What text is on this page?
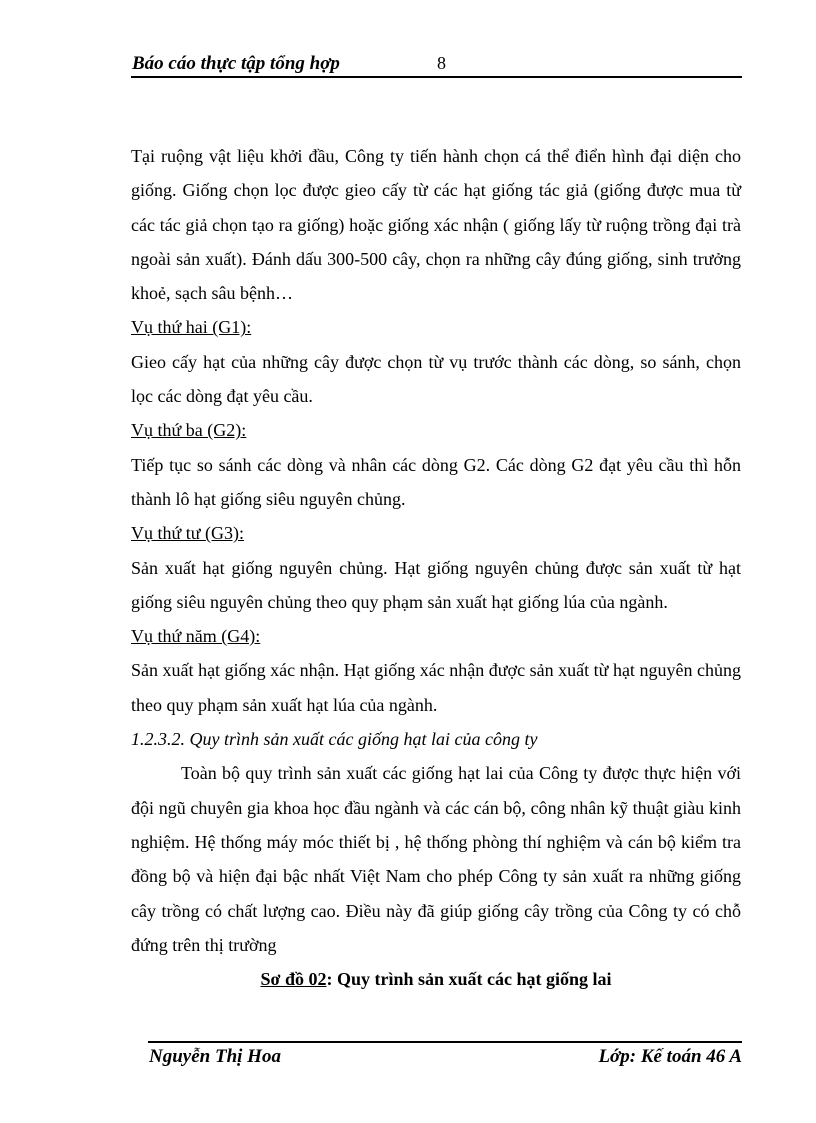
Báo cáo thực tập tổng hợp	8

Tại ruộng vật liệu khởi đầu, Công ty tiến hành chọn cá thể điển hình đại diện cho giống. Giống chọn lọc được gieo cấy từ các hạt giống tác giả (giống được mua từ các tác giả chọn tạo ra giống) hoặc giống xác nhận ( giống lấy từ ruộng trồng đại trà ngoài sản xuất). Đánh dấu 300-500 cây, chọn ra những cây đúng giống, sinh trưởng khoẻ, sạch sâu bệnh…

Vụ thứ hai (G1):

Gieo cấy hạt của những cây được chọn từ vụ trước thành các dòng, so sánh, chọn lọc các dòng đạt yêu cầu.

Vụ thứ ba (G2):

Tiếp tục so sánh các dòng và nhân các dòng G2. Các dòng G2 đạt yêu cầu thì hỗn thành lô hạt giống siêu nguyên chủng.

Vụ thứ tư (G3):

Sản xuất hạt giống nguyên chủng. Hạt giống nguyên chủng được sản xuất từ hạt giống siêu nguyên chủng theo quy phạm sản xuất hạt giống lúa của ngành.

Vụ thứ năm (G4):

Sản xuất hạt giống xác nhận. Hạt giống xác nhận được sản xuất từ hạt nguyên chủng theo quy phạm sản xuất hạt lúa của ngành.

1.2.3.2. Quy trình sản xuất các giống hạt lai của công ty

Toàn bộ quy trình sản xuất các giống hạt lai của Công ty được thực hiện với đội ngũ chuyên gia khoa học đầu ngành và các cán bộ, công nhân kỹ thuật giàu kinh nghiệm. Hệ thống máy móc thiết bị , hệ thống phòng thí nghiệm và cán bộ kiểm tra đồng bộ và hiện đại bậc nhất Việt Nam cho phép Công ty sản xuất ra những giống cây trồng có chất lượng cao. Điều này đã giúp giống cây trồng của Công ty có chỗ đứng trên thị trường

Sơ đồ 02: Quy trình sản xuất các hạt giống lai

Nguyễn Thị Hoa	Lớp: Kế toán 46 A
